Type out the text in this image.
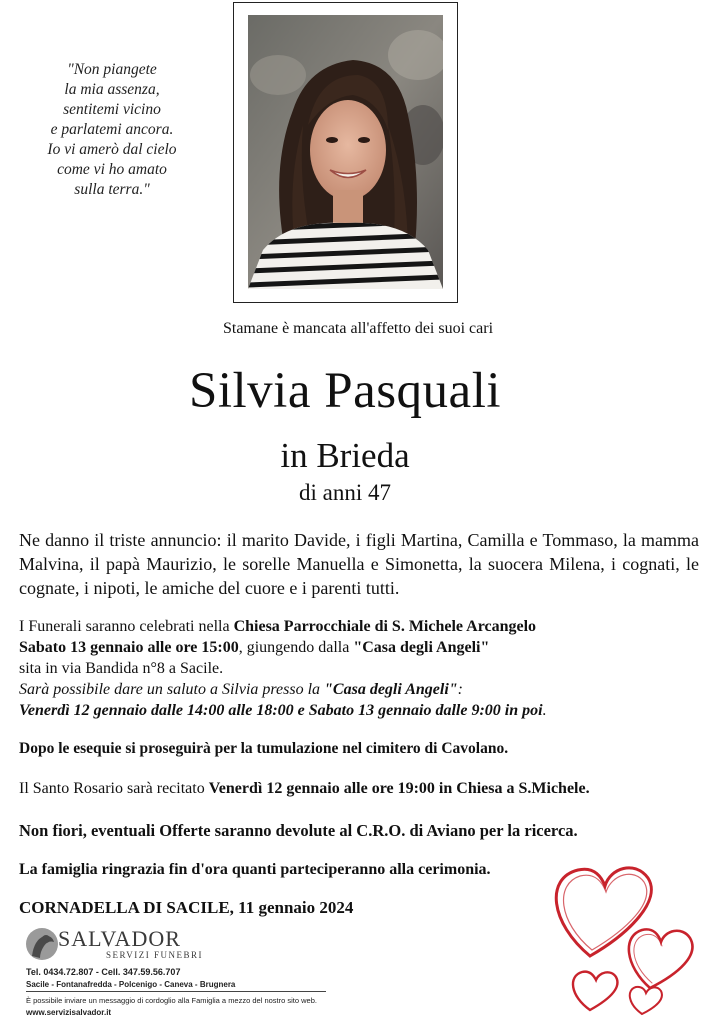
"Non piangete
la mia assenza,
sentitemi vicino
e parlatemi ancora.
Io vi amerò dal cielo
come vi ho amato
sulla terra."
Stamane è mancata all'affetto dei suoi cari
Silvia Pasquali
in Brieda
di anni 47
Ne danno il triste annuncio: il marito Davide, i figli Martina, Camilla e Tommaso, la mamma Malvina, il papà Maurizio, le sorelle Manuella e Simonetta, la suocera Milena, i cognati, le cognate, i nipoti, le amiche del cuore e i parenti tutti.
I Funerali saranno celebrati nella Chiesa Parrocchiale di S. Michele Arcangelo
Sabato 13 gennaio alle ore 15:00, giungendo dalla "Casa degli Angeli"
sita in via Bandida n°8 a Sacile.
Sarà possibile dare un saluto a Silvia presso la "Casa degli Angeli":
Venerdì 12 gennaio dalle 14:00 alle 18:00 e Sabato 13 gennaio dalle 9:00 in poi.
Dopo le esequie si proseguirà per la tumulazione nel cimitero di Cavolano.
Il Santo Rosario sarà recitato Venerdì 12 gennaio alle ore 19:00 in Chiesa a S.Michele.
Non fiori, eventuali Offerte saranno devolute al C.R.O. di Aviano per la ricerca.
La famiglia ringrazia fin d'ora quanti parteciperanno alla cerimonia.
CORNADELLA DI SACILE, 11 gennaio 2024
SALVADOR
SERVIZI FUNEBRI
Tel. 0434.72.807 - Cell. 347.59.56.707
Sacile - Fontanafredda - Polcenigo - Caneva - Brugnera
È possibile inviare un messaggio di cordoglio alla Famiglia a mezzo del nostro sito web.
www.servizisalvador.it
